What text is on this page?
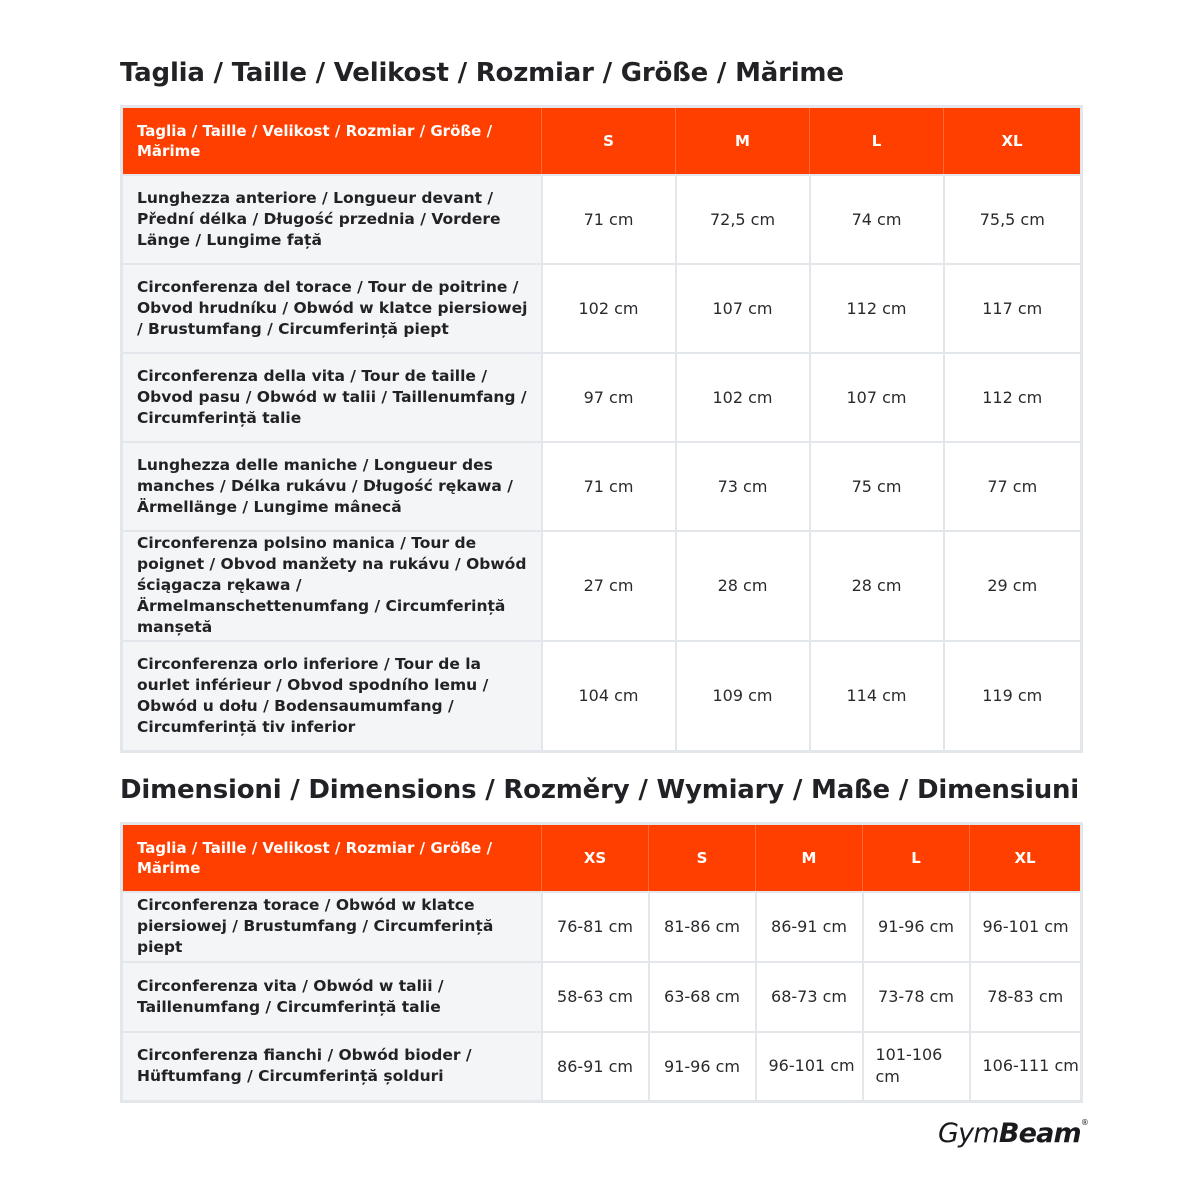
Taglia / Taille / Velikost / Rozmiar / Größe / Mărime
Taglia / Taille / Velikost / Rozmiar / Größe / Mărime	S	M	L	XL
Lunghezza anteriore / Longueur devant / Přední délka / Długość przednia / Vordere Länge / Lungime față	71 cm	72,5 cm	74 cm	75,5 cm
Circonferenza del torace / Tour de poitrine / Obvod hrudníku / Obwód w klatce piersiowej / Brustumfang / Circumferință piept	102 cm	107 cm	112 cm	117 cm
Circonferenza della vita / Tour de taille / Obvod pasu / Obwód w talii / Taillenumfang / Circumferință talie	97 cm	102 cm	107 cm	112 cm
Lunghezza delle maniche / Longueur des manches / Délka rukávu / Długość rękawa / Ärmellänge / Lungime mânecă	71 cm	73 cm	75 cm	77 cm
Circonferenza polsino manica / Tour de poignet / Obvod manžety na rukávu / Obwód ściągacza rękawa / Ärmelmanschettenumfang / Circumferință manșetă	27 cm	28 cm	28 cm	29 cm
Circonferenza orlo inferiore / Tour de la ourlet inférieur / Obvod spodního lemu / Obwód u dołu / Bodensaumumfang / Circumferință tiv inferior	104 cm	109 cm	114 cm	119 cm
Dimensioni / Dimensions / Rozměry / Wymiary / Maße / Dimensiuni
Taglia / Taille / Velikost / Rozmiar / Größe / Mărime	XS	S	M	L	XL
Circonferenza torace / Obwód w klatce piersiowej / Brustumfang / Circumferință piept	76-81 cm	81-86 cm	86-91 cm	91-96 cm	96-101 cm
Circonferenza vita / Obwód w talii / Taillenumfang / Circumferință talie	58-63 cm	63-68 cm	68-73 cm	73-78 cm	78-83 cm
Circonferenza fianchi / Obwód bioder / Hüftumfang / Circumferință șolduri	86-91 cm	91-96 cm	96-101 cm	101-106 cm	106-111 cm
GymBeam®
